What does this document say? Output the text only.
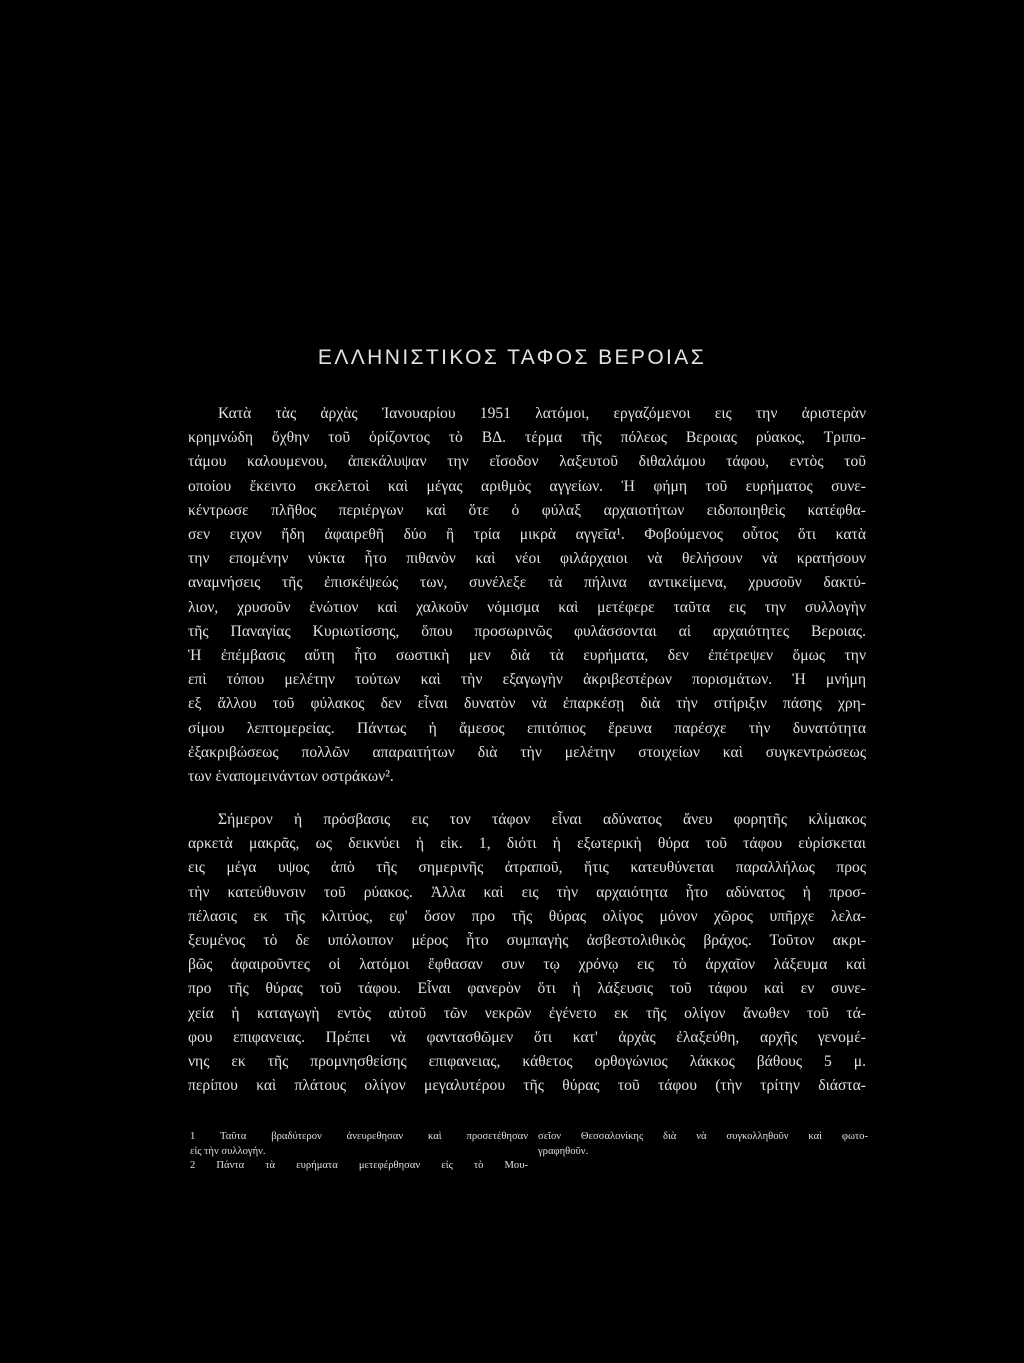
ΕΛΛΗΝΙΣΤΙΚΟΣ ΤΑΦΟΣ ΒΕΡΟΙΑΣ
Κατὰ τὰς ἀρχὰς Ἰανουαρίου 1951 λατόμοι, εργαζόμενοι εις την ἀριστερὰν
κρημνώδη ὄχθην τοῦ ὁρίζοντος τὸ ΒΔ. τέρμα τῆς πόλεως Βεροιας ρύακος, Τριπο-
τάμου καλουμενου, ἀπεκάλυψαν την εἴσοδον λαξευτοῦ διθαλάμου τάφου, εντὸς τοῦ
οποίου ἔκειντο σκελετοὶ καὶ μέγας αριθμὸς αγγείων. Ἡ φήμη τοῦ ευρήματος συνε-
κέντρωσε πλῆθος περιέργων καὶ ὅτε ὁ φύλαξ αρχαιοτήτων ειδοποιηθεὶς κατέφθα-
σεν ειχον ἤδη ἀφαιρεθῆ δύο ἢ τρία μικρὰ αγγεῖα¹. Φοβούμενος οὗτος ὅτι κατὰ
την επομένην νύκτα ἦτο πιθανὸν καὶ νέοι φιλάρχαιοι νὰ θελήσουν νὰ κρατήσουν
αναμνήσεις τῆς ἐπισκέψεώς των, συνέλεξε τὰ πήλινα αντικείμενα, χρυσοῦν δακτύ-
λιον, χρυσοῦν ἐνώτιον καὶ χαλκοῦν νόμισμα καὶ μετέφερε ταῦτα εις την συλλογὴν
τῆς Παναγίας Κυριωτίσσης, ὅπου προσωρινῶς φυλάσσονται αἱ αρχαιότητες Βεροιας.
Ἡ ἐπέμβασις αὕτη ἦτο σωστικὴ μεν διὰ τὰ ευρήματα, δεν ἐπέτρεψεν ὅμως την
επὶ τόπου μελέτην τούτων καὶ τὴν εξαγωγὴν ἀκριβεστέρων πορισμάτων. Ἡ μνήμη
εξ ἄλλου τοῦ φύλακος δεν εἶναι δυνατὸν νὰ ἐπαρκέσῃ διὰ τὴν στήριξιν πάσης χρη-
σίμου λεπτομερείας. Πάντως ἡ ἄμεσος επιτόπιος ἔρευνα παρέσχε τὴν δυνατότητα
ἐξακριβώσεως πολλῶν απαραιτήτων διὰ τὴν μελέτην στοιχείων καὶ συγκεντρώσεως
των ἐναπομεινάντων οστράκων².
Σήμερον ἡ πρόσβασις εις τον τάφον εἶναι αδύνατος ἄνευ φορητῆς κλίμακος
αρκετὰ μακρᾶς, ως δεικνύει ἡ εἰκ. 1, διότι ἡ εξωτερικὴ θύρα τοῦ τάφου εὑρίσκεται
εις μέγα υψος ἀπὸ τῆς σημερινῆς ἀτραποῦ, ἥτις κατευθύνεται παραλλήλως προς
τὴν κατεύθυνσιν τοῦ ρύακος. Ἀλλα καὶ εις τὴν αρχαιότητα ἦτο αδύνατος ἡ προσ-
πέλασις εκ τῆς κλιτύος, εφ' ὅσον προ τῆς θύρας ολίγος μόνον χῶρος υπῆρχε λελα-
ξευμένος τὸ δε υπόλοιπον μέρος ἦτο συμπαγὴς ἀσβεστολιθικὸς βράχος. Τοῦτον ακρι-
βῶς ἀφαιροῦντες οἱ λατόμοι ἔφθασαν συν τῳ χρόνῳ εις τὸ ἀρχαῖον λάξευμα καὶ
προ τῆς θύρας τοῦ τάφου. Εἶναι φανερὸν ὅτι ἡ λάξευσις τοῦ τάφου καὶ εν συνε-
χεία ἡ καταγωγὴ εντὸς αὐτοῦ τῶν νεκρῶν ἐγένετο εκ τῆς ολίγον ἄνωθεν τοῦ τά-
φου επιφανειας. Πρέπει νὰ φαντασθῶμεν ὅτι κατ' ἀρχὰς ἐλαξεύθη, αρχῆς γενομέ-
νης εκ τῆς προμνησθείσης επιφανειας, κάθετος ορθογώνιος λάκκος βάθους 5 μ.
περίπου καὶ πλάτους ολίγον μεγαλυτέρου τῆς θύρας τοῦ τάφου (τὴν τρίτην διάστα-
1 Ταῦτα βραδύτερον ἀνευρεθησαν καὶ προσετέθησαν
εἰς τὴν συλλογήν.
2 Πάντα τὰ ευρήματα μετεφέρθησαν εἰς τὸ Μου-
σεῖον Θεσσαλονίκης διὰ νὰ συγκολληθοῦν καὶ φωτο-
γραφηθοῦν.
